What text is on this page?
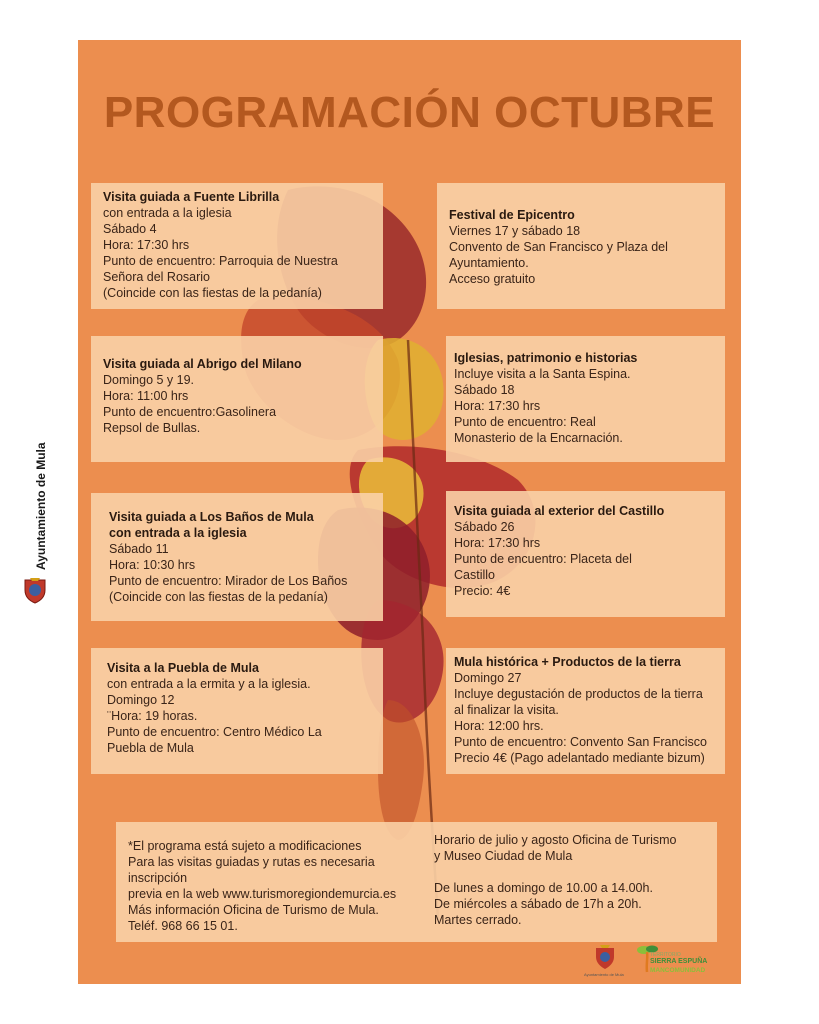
PROGRAMACIÓN OCTUBRE
Visita guiada a Fuente Librilla
con entrada a la iglesia
Sábado 4
Hora: 17:30 hrs
Punto de encuentro: Parroquia de Nuestra
Señora del Rosario
(Coincide con las fiestas de la pedanía)
Visita guiada al Abrigo del Milano
Domingo 5 y 19.
Hora: 11:00 hrs
Punto de encuentro:Gasolinera
Repsol de Bullas.
Visita guiada a Los Baños de Mula
con entrada a la iglesia
Sábado 11
Hora: 10:30 hrs
Punto de encuentro: Mirador de Los Baños
(Coincide con las fiestas de la pedanía)
Visita a la Puebla de Mula
con entrada a la ermita y a la iglesia.
Domingo 12
¨Hora: 19 horas.
Punto de encuentro: Centro Médico La
Puebla de Mula
Festival de Epicentro
Viernes 17 y sábado 18
Convento de San Francisco y Plaza del
Ayuntamiento.
Acceso gratuito
Iglesias, patrimonio e historias
Incluye visita a la Santa Espina.
Sábado 18
Hora: 17:30 hrs
Punto de encuentro: Real
Monasterio de la Encarnación.
Visita guiada al exterior del Castillo
Sábado 26
Hora: 17:30 hrs
Punto de encuentro: Placeta del
Castillo
Precio: 4€
Mula histórica + Productos de la tierra
Domingo 27
Incluye degustación de productos de la tierra
al finalizar la visita.
Hora: 12:00 hrs.
Punto de encuentro: Convento San Francisco
Precio 4€ (Pago adelantado mediante bizum)
*El programa está sujeto a modificaciones
Para las visitas guiadas y rutas es necesaria
inscripción
previa en la web www.turismoregiondemurcia.es
Más información Oficina de Turismo de Mula.
Teléf. 968 66 15 01.
Horario de julio y agosto Oficina de Turismo
y Museo Ciudad de Mula
De lunes a domingo de 10.00 a 14.00h.
De miércoles a sábado de 17h a 20h.
Martes cerrado.
Ayuntamiento de Mula
Ayuntamiento de Mula
TERRITORIO
SIERRA ESPUÑA
MANCOMUNIDAD
